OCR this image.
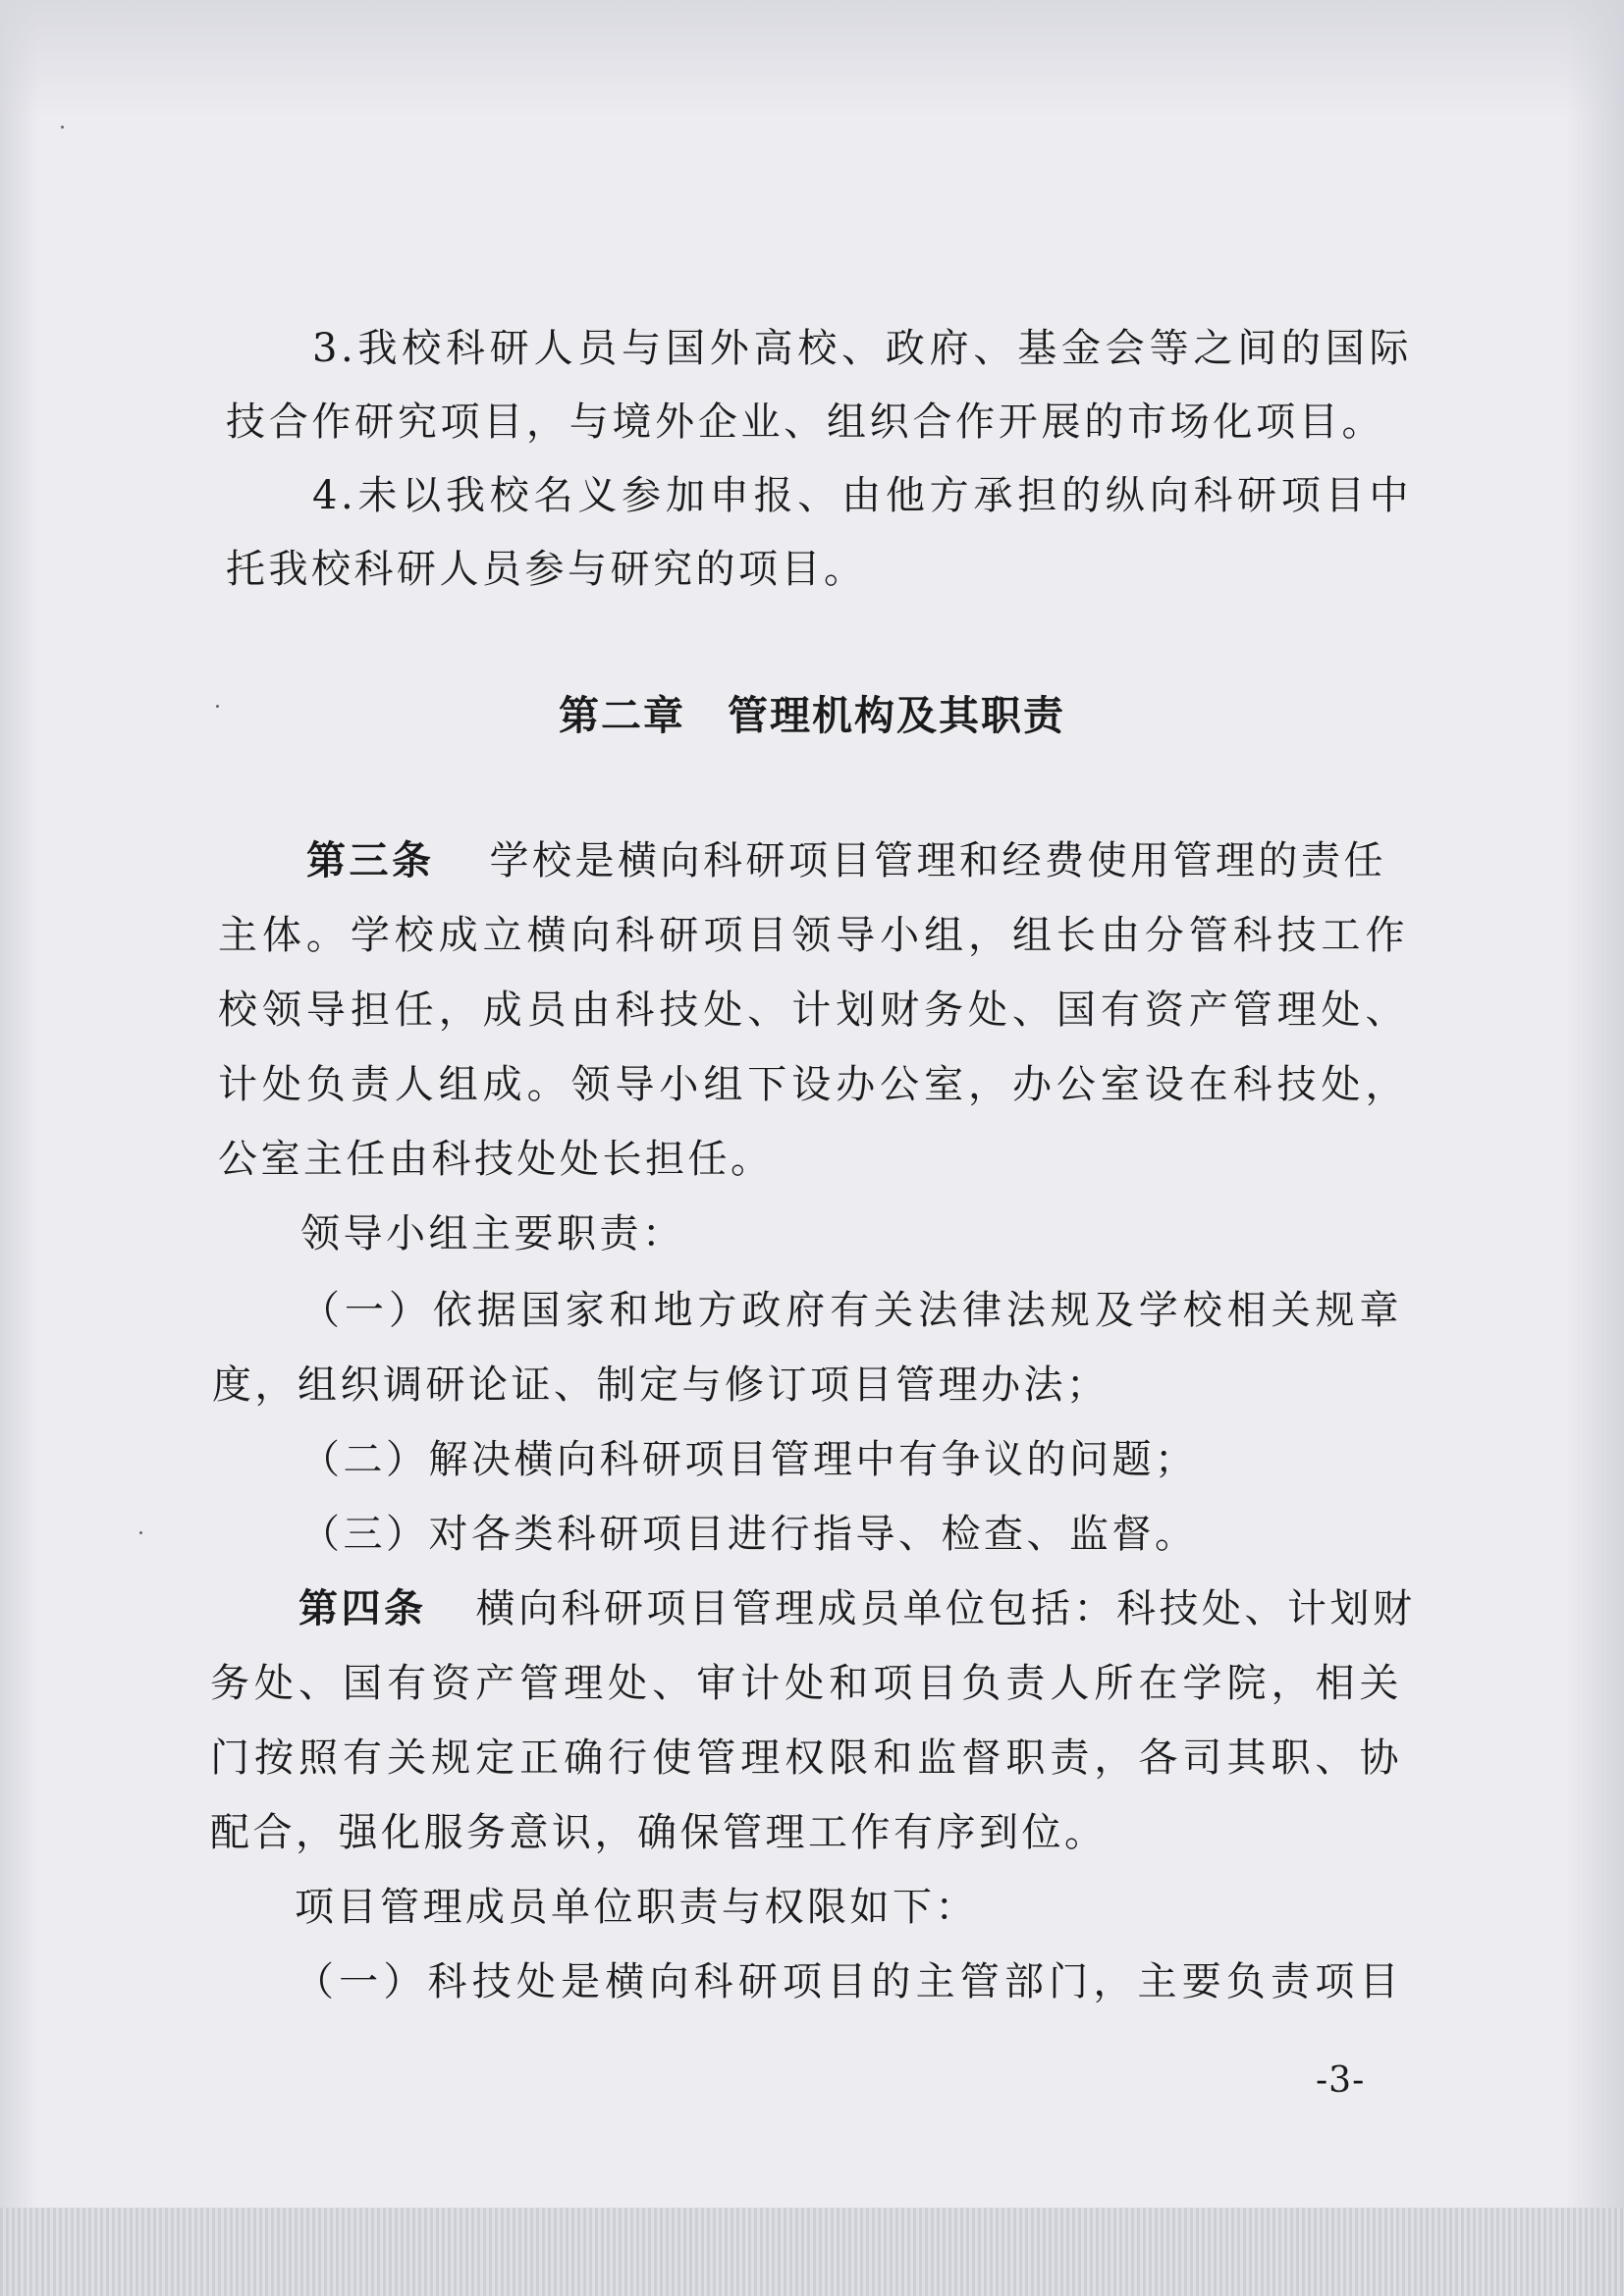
3.我校科研人员与国外高校、政府、基金会等之间的国际
技合作研究项目，与境外企业、组织合作开展的市场化项目。
4.未以我校名义参加申报、由他方承担的纵向科研项目中
托我校科研人员参与研究的项目。
第二章　管理机构及其职责
第三条 学校是横向科研项目管理和经费使用管理的责任
主体。学校成立横向科研项目领导小组，组长由分管科技工作
校领导担任，成员由科技处、计划财务处、国有资产管理处、
计处负责人组成。领导小组下设办公室，办公室设在科技处，
公室主任由科技处处长担任。
领导小组主要职责：
（一）依据国家和地方政府有关法律法规及学校相关规章
度，组织调研论证、制定与修订项目管理办法；
（二）解决横向科研项目管理中有争议的问题；
（三）对各类科研项目进行指导、检查、监督。
第四条 横向科研项目管理成员单位包括：科技处、计划财
务处、国有资产管理处、审计处和项目负责人所在学院，相关
门按照有关规定正确行使管理权限和监督职责，各司其职、协
配合，强化服务意识，确保管理工作有序到位。
项目管理成员单位职责与权限如下：
（一）科技处是横向科研项目的主管部门，主要负责项目
-3-
